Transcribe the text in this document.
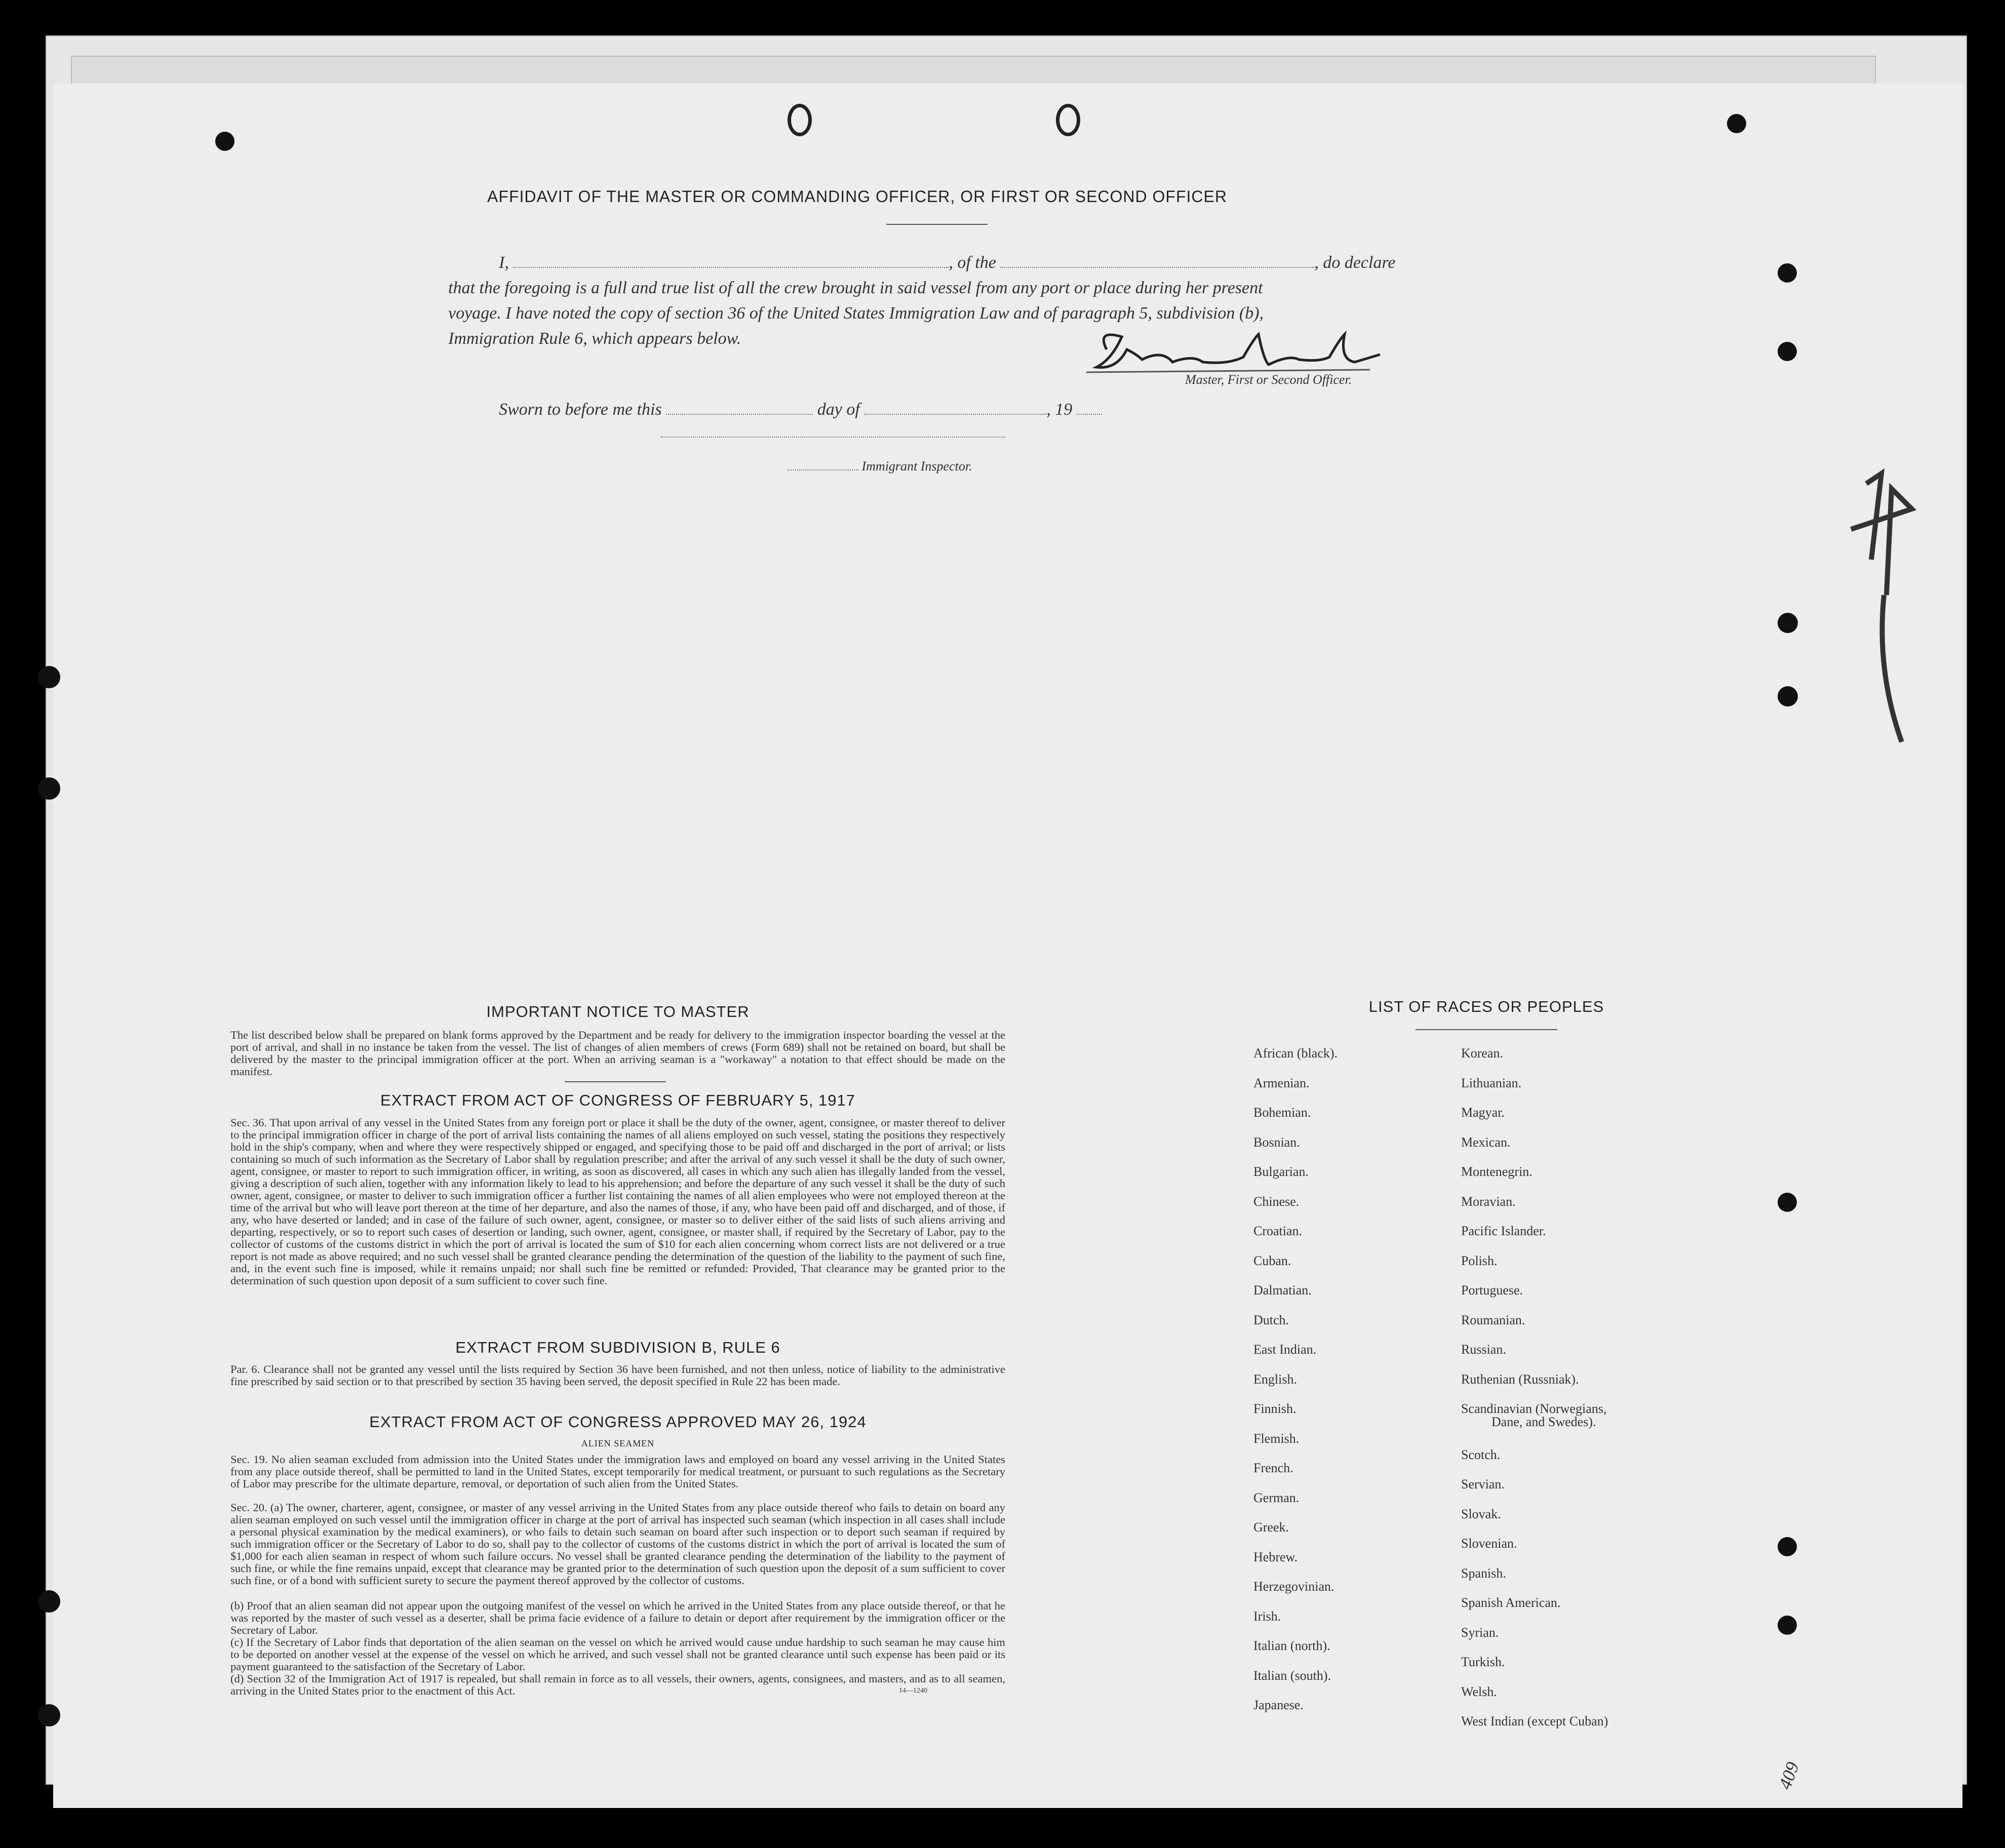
AFFIDAVIT OF THE MASTER OR COMMANDING OFFICER, OR FIRST OR SECOND OFFICER
I,	, of the	, do declare
that the foregoing is a full and true list of all the crew brought in said vessel from any port or place during her present
voyage. I have noted the copy of section 36 of the United States Immigration Law and of paragraph 5, subdivision (b),
Immigration Rule 6, which appears below.
Master, First or Second Officer.
Sworn to before me this	day of	, 19
Immigrant Inspector.
IMPORTANT NOTICE TO MASTER
The list described below shall be prepared on blank forms approved by the Department and be ready for delivery to the immigration inspector boarding the vessel at the port of arrival, and shall in no instance be taken from the vessel. The list of changes of alien members of crews (Form 689) shall not be retained on board, but shall be delivered by the master to the principal immigration officer at the port. When an arriving seaman is a "workaway" a notation to that effect should be made on the manifest.
EXTRACT FROM ACT OF CONGRESS OF FEBRUARY 5, 1917
Sec. 36. That upon arrival of any vessel in the United States from any foreign port or place it shall be the duty of the owner, agent, consignee, or master thereof to deliver to the principal immigration officer in charge of the port of arrival lists containing the names of all aliens employed on such vessel, stating the positions they respectively hold in the ship's company, when and where they were respectively shipped or engaged, and specifying those to be paid off and discharged in the port of arrival; or lists containing so much of such information as the Secretary of Labor shall by regulation prescribe; and after the arrival of any such vessel it shall be the duty of such owner, agent, consignee, or master to report to such immigration officer, in writing, as soon as discovered, all cases in which any such alien has illegally landed from the vessel, giving a description of such alien, together with any information likely to lead to his apprehension; and before the departure of any such vessel it shall be the duty of such owner, agent, consignee, or master to deliver to such immigration officer a further list containing the names of all alien employees who were not employed thereon at the time of the arrival but who will leave port thereon at the time of her departure, and also the names of those, if any, who have been paid off and discharged, and of those, if any, who have deserted or landed; and in case of the failure of such owner, agent, consignee, or master so to deliver either of the said lists of such aliens arriving and departing, respectively, or so to report such cases of desertion or landing, such owner, agent, consignee, or master shall, if required by the Secretary of Labor, pay to the collector of customs of the customs district in which the port of arrival is located the sum of $10 for each alien concerning whom correct lists are not delivered or a true report is not made as above required; and no such vessel shall be granted clearance pending the determination of the question of the liability to the payment of such fine, and, in the event such fine is imposed, while it remains unpaid; nor shall such fine be remitted or refunded: Provided, That clearance may be granted prior to the determination of such question upon deposit of a sum sufficient to cover such fine.
EXTRACT FROM SUBDIVISION B, RULE 6
Par. 6. Clearance shall not be granted any vessel until the lists required by Section 36 have been furnished, and not then unless, notice of liability to the administrative fine prescribed by said section or to that prescribed by section 35 having been served, the deposit specified in Rule 22 has been made.
EXTRACT FROM ACT OF CONGRESS APPROVED MAY 26, 1924
ALIEN SEAMEN
Sec. 19. No alien seaman excluded from admission into the United States under the immigration laws and employed on board any vessel arriving in the United States from any place outside thereof, shall be permitted to land in the United States, except temporarily for medical treatment, or pursuant to such regulations as the Secretary of Labor may prescribe for the ultimate departure, removal, or deportation of such alien from the United States.
Sec. 20. (a) The owner, charterer, agent, consignee, or master of any vessel arriving in the United States from any place outside thereof who fails to detain on board any alien seaman employed on such vessel until the immigration officer in charge at the port of arrival has inspected such seaman (which inspection in all cases shall include a personal physical examination by the medical examiners), or who fails to detain such seaman on board after such inspection or to deport such seaman if required by such immigration officer or the Secretary of Labor to do so, shall pay to the collector of customs of the customs district in which the port of arrival is located the sum of $1,000 for each alien seaman in respect of whom such failure occurs. No vessel shall be granted clearance pending the determination of the liability to the payment of such fine, or while the fine remains unpaid, except that clearance may be granted prior to the determination of such question upon the deposit of a sum sufficient to cover such fine, or of a bond with sufficient surety to secure the payment thereof approved by the collector of customs.
(b) Proof that an alien seaman did not appear upon the outgoing manifest of the vessel on which he arrived in the United States from any place outside thereof, or that he was reported by the master of such vessel as a deserter, shall be prima facie evidence of a failure to detain or deport after requirement by the immigration officer or the Secretary of Labor.
(c) If the Secretary of Labor finds that deportation of the alien seaman on the vessel on which he arrived would cause undue hardship to such seaman he may cause him to be deported on another vessel at the expense of the vessel on which he arrived, and such vessel shall not be granted clearance until such expense has been paid or its payment guaranteed to the satisfaction of the Secretary of Labor.
(d) Section 32 of the Immigration Act of 1917 is repealed, but shall remain in force as to all vessels, their owners, agents, consignees, and masters, and as to all seamen, arriving in the United States prior to the enactment of this Act.	14—1240
LIST OF RACES OR PEOPLES
409
African (black).
Armenian.
Bohemian.
Bosnian.
Bulgarian.
Chinese.
Croatian.
Cuban.
Dalmatian.
Dutch.
East Indian.
English.
Finnish.
Flemish.
French.
German.
Greek.
Hebrew.
Herzegovinian.
Irish.
Italian (north).
Italian (south).
Japanese.
Korean.
Lithuanian.
Magyar.
Mexican.
Montenegrin.
Moravian.
Pacific Islander.
Polish.
Portuguese.
Roumanian.
Russian.
Ruthenian (Russniak).
Scandinavian (Norwegians,
Dane, and Swedes).
Scotch.
Servian.
Slovak.
Slovenian.
Spanish.
Spanish American.
Syrian.
Turkish.
Welsh.
West Indian (except Cuban)
